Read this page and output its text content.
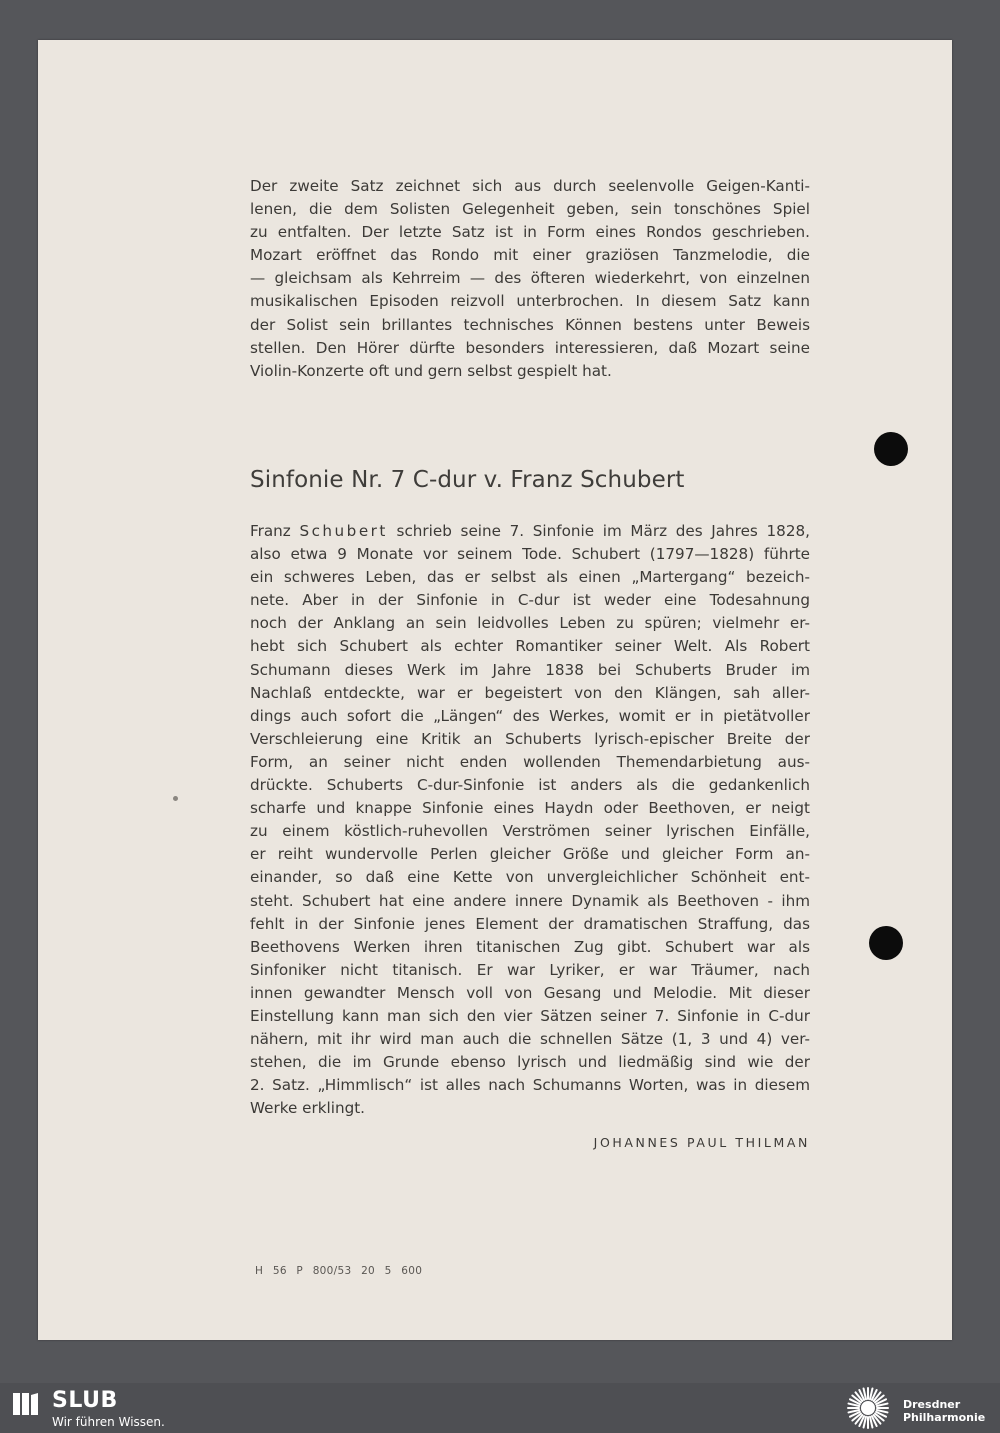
Der zweite Satz zeichnet sich aus durch seelenvolle Geigen-Kanti-
lenen, die dem Solisten Gelegenheit geben, sein tonschönes Spiel
zu entfalten. Der letzte Satz ist in Form eines Rondos geschrieben.
Mozart eröffnet das Rondo mit einer graziösen Tanzmelodie, die
— gleichsam als Kehrreim — des öfteren wiederkehrt, von einzelnen
musikalischen Episoden reizvoll unterbrochen. In diesem Satz kann
der Solist sein brillantes technisches Können bestens unter Beweis
stellen. Den Hörer dürfte besonders interessieren, daß Mozart seine
Violin-Konzerte oft und gern selbst gespielt hat.
Sinfonie Nr. 7 C-dur v. Franz Schubert
Franz Schubert schrieb seine 7. Sinfonie im März des Jahres 1828,
also etwa 9 Monate vor seinem Tode. Schubert (1797—1828) führte
ein schweres Leben, das er selbst als einen „Martergang“ bezeich-
nete. Aber in der Sinfonie in C-dur ist weder eine Todesahnung
noch der Anklang an sein leidvolles Leben zu spüren; vielmehr er-
hebt sich Schubert als echter Romantiker seiner Welt. Als Robert
Schumann dieses Werk im Jahre 1838 bei Schuberts Bruder im
Nachlaß entdeckte, war er begeistert von den Klängen, sah aller-
dings auch sofort die „Längen“ des Werkes, womit er in pietätvoller
Verschleierung eine Kritik an Schuberts lyrisch-epischer Breite der
Form, an seiner nicht enden wollenden Themendarbietung aus-
drückte. Schuberts C-dur-Sinfonie ist anders als die gedankenlich
scharfe und knappe Sinfonie eines Haydn oder Beethoven, er neigt
zu einem köstlich-ruhevollen Verströmen seiner lyrischen Einfälle,
er reiht wundervolle Perlen gleicher Größe und gleicher Form an-
einander, so daß eine Kette von unvergleichlicher Schönheit ent-
steht. Schubert hat eine andere innere Dynamik als Beethoven - ihm
fehlt in der Sinfonie jenes Element der dramatischen Straffung, das
Beethovens Werken ihren titanischen Zug gibt. Schubert war als
Sinfoniker nicht titanisch. Er war Lyriker, er war Träumer, nach
innen gewandter Mensch voll von Gesang und Melodie. Mit dieser
Einstellung kann man sich den vier Sätzen seiner 7. Sinfonie in C-dur
nähern, mit ihr wird man auch die schnellen Sätze (1, 3 und 4) ver-
stehen, die im Grunde ebenso lyrisch und liedmäßig sind wie der
2. Satz. „Himmlisch“ ist alles nach Schumanns Worten, was in diesem
Werke erklingt.
JOHANNES PAUL THILMAN
H 56 P 800/53 20 5 600
SLUB
Wir führen Wissen.
Dresdner
Philharmonie
